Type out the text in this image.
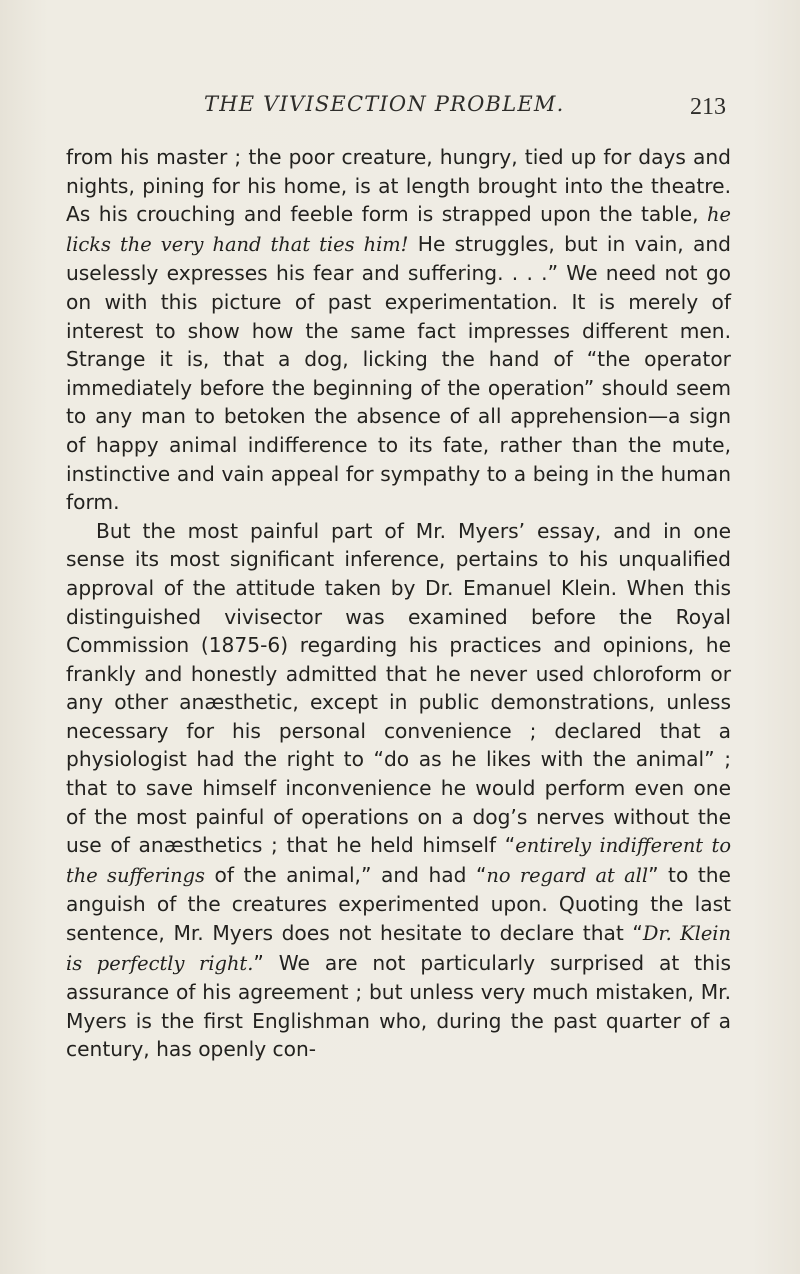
THE VIVISECTION PROBLEM.	213

from his master ; the poor creature, hungry, tied up for days and nights, pining for his home, is at length brought into the theatre. As his crouching and feeble form is strapped upon the table, he licks the very hand that ties him! He struggles, but in vain, and uselessly expresses his fear and suffering. . . .” We need not go on with this picture of past experimentation. It is merely of interest to show how the same fact impresses different men. Strange it is, that a dog, licking the hand of “the operator immediately before the beginning of the operation” should seem to any man to betoken the absence of all apprehension—a sign of happy animal indifference to its fate, rather than the mute, instinctive and vain appeal for sympathy to a being in the human form.

But the most painful part of Mr. Myers’ essay, and in one sense its most significant inference, pertains to his unqualified approval of the attitude taken by Dr. Emanuel Klein. When this distinguished vivisector was examined before the Royal Commission (1875-6) regarding his practices and opinions, he frankly and honestly admitted that he never used chloroform or any other anæsthetic, except in public demonstrations, unless necessary for his personal convenience ; declared that a physiologist had the right to “do as he likes with the animal” ; that to save himself inconvenience he would perform even one of the most painful of operations on a dog’s nerves without the use of anæsthetics ; that he held himself “entirely indifferent to the sufferings of the animal,” and had “no regard at all” to the anguish of the creatures experimented upon. Quoting the last sentence, Mr. Myers does not hesitate to declare that “Dr. Klein is perfectly right.” We are not particularly surprised at this assurance of his agreement ; but unless very much mistaken, Mr. Myers is the first Englishman who, during the past quarter of a century, has openly con-
